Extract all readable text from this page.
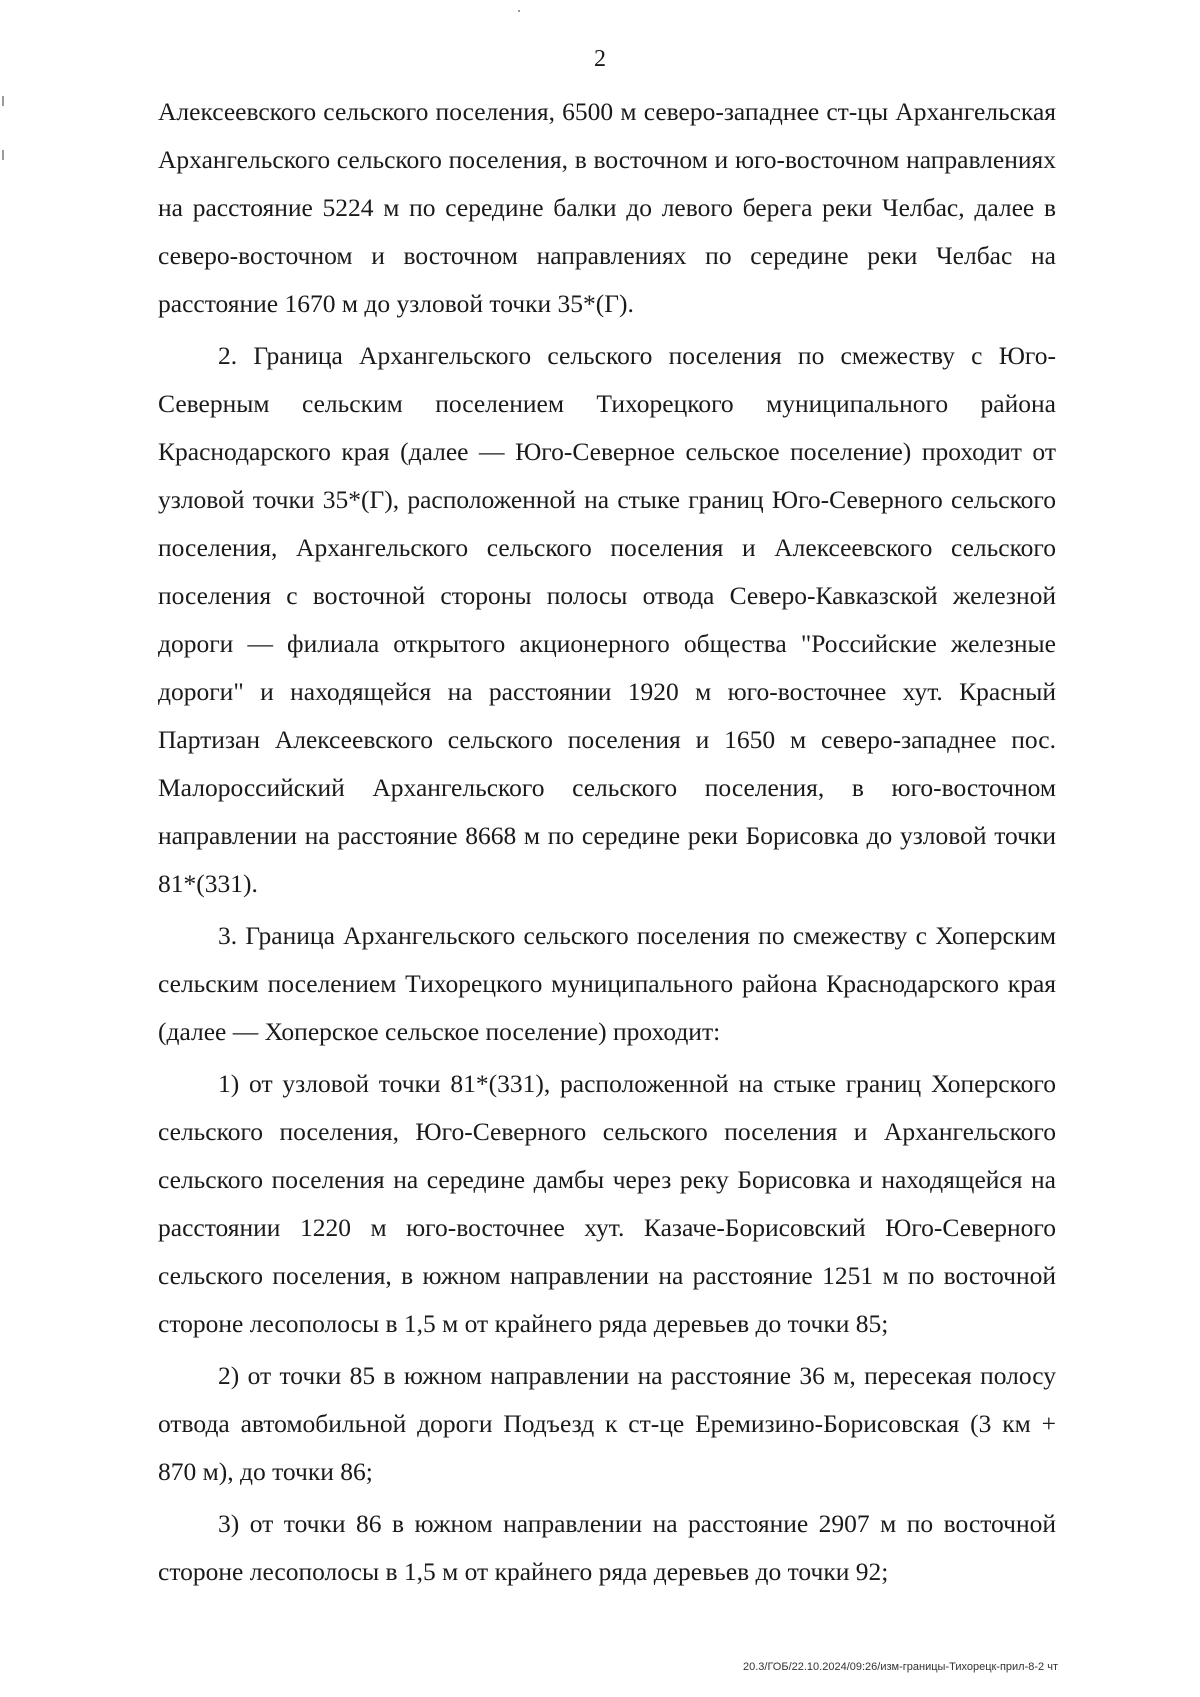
2

Алексеевского сельского поселения, 6500 м северо-западнее ст-цы Архангельская Архангельского сельского поселения, в восточном и юго-восточном направлениях на расстояние 5224 м по середине балки до левого берега реки Челбас, далее в северо-восточном и восточном направлениях по середине реки Челбас на расстояние 1670 м до узловой точки 35*(Г).

2. Граница Архангельского сельского поселения по смежеству с Юго-Северным сельским поселением Тихорецкого муниципального района Краснодарского края (далее — Юго-Северное сельское поселение) проходит от узловой точки 35*(Г), расположенной на стыке границ Юго-Северного сельского поселения, Архангельского сельского поселения и Алексеевского сельского поселения с восточной стороны полосы отвода Северо-Кавказской железной дороги — филиала открытого акционерного общества "Российские железные дороги" и находящейся на расстоянии 1920 м юго-восточнее хут. Красный Партизан Алексеевского сельского поселения и 1650 м северо-западнее пос. Малороссийский Архангельского сельского поселения, в юго-восточном направлении на расстояние 8668 м по середине реки Борисовка до узловой точки 81*(331).

3. Граница Архангельского сельского поселения по смежеству с Хоперским сельским поселением Тихорецкого муниципального района Краснодарского края (далее — Хоперское сельское поселение) проходит:

1) от узловой точки 81*(331), расположенной на стыке границ Хоперского сельского поселения, Юго-Северного сельского поселения и Архангельского сельского поселения на середине дамбы через реку Борисовка и находящейся на расстоянии 1220 м юго-восточнее хут. Казаче-Борисовский Юго-Северного сельского поселения, в южном направлении на расстояние 1251 м по восточной стороне лесополосы в 1,5 м от крайнего ряда деревьев до точки 85;

2) от точки 85 в южном направлении на расстояние 36 м, пересекая полосу отвода автомобильной дороги Подъезд к ст-це Еремизино-Борисовская (3 км + 870 м), до точки 86;

3) от точки 86 в южном направлении на расстояние 2907 м по восточной стороне лесополосы в 1,5 м от крайнего ряда деревьев до точки 92;

20.3/ГОБ/22.10.2024/09:26/изм-границы-Тихорецк-прил-8-2 чт
